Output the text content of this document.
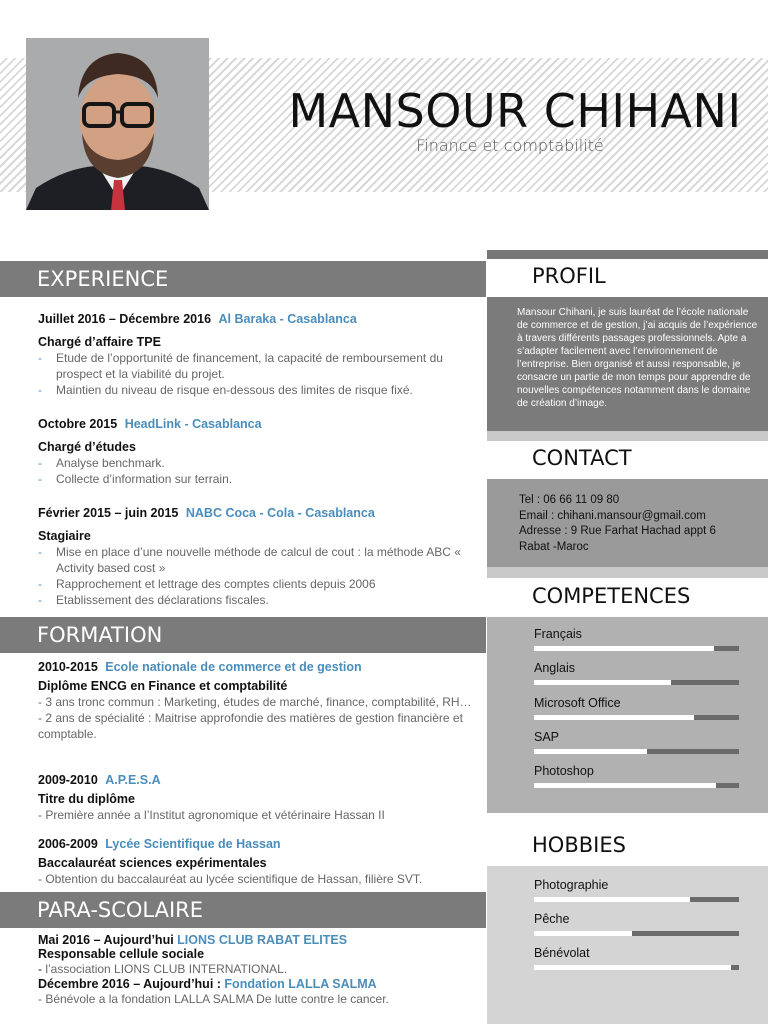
MANSOUR CHIHANI
Finance et comptabilité
PROFIL
Mansour Chihani, je suis lauréat de l’école nationale de commerce et de gestion, j’ai acquis de l’expérience à travers différents passages professionnels. Apte a s’adapter facilement avec l’environnement de l’entreprise. Bien organisé et aussi responsable, je consacre un partie de mon temps pour apprendre de nouvelles compétences notamment dans le domaine de création d’image.
CONTACT
Tel : 06 66 11 09 80
Email : chihani.mansour@gmail.com
Adresse : 9 Rue Farhat Hachad appt 6
Rabat -Maroc
COMPETENCES
Français
Anglais
Microsoft Office
SAP
Photoshop
HOBBIES
Photographie
Pêche
Bénévolat
EXPERIENCE
Juillet 2016 – Décembre 2016 Al Baraka - Casablanca
Chargé d’affaire TPE
- Etude de l’opportunité de financement, la capacité de remboursement du prospect et la viabilité du projet.
- Maintien du niveau de risque en-dessous des limites de risque fixé.
Octobre 2015 HeadLink - Casablanca
Chargé d’études
- Analyse benchmark.
- Collecte d’information sur terrain.
Février 2015 – juin 2015 NABC Coca - Cola - Casablanca
Stagiaire
- Mise en place d’une nouvelle méthode de calcul de cout : la méthode ABC « Activity based cost »
- Rapprochement et lettrage des comptes clients depuis 2006
- Etablissement des déclarations fiscales.
FORMATION
2010-2015 Ecole nationale de commerce et de gestion
Diplôme ENCG en Finance et comptabilité
- 3 ans tronc commun : Marketing, études de marché, finance, comptabilité, RH…
- 2 ans de spécialité : Maitrise approfondie des matières de gestion financière et comptable.
2009-2010 A.P.E.S.A
Titre du diplôme
- Première année a l’Institut agronomique et vétérinaire Hassan II
2006-2009 Lycée Scientifique de Hassan
Baccalauréat sciences expérimentales
- Obtention du baccalauréat au lycée scientifique de Hassan, filière SVT.
PARA-SCOLAIRE
Mai 2016 – Aujourd’hui LIONS CLUB RABAT ELITES
Responsable cellule sociale
- l’association LIONS CLUB INTERNATIONAL.
Décembre 2016 – Aujourd’hui : Fondation LALLA SALMA
- Bénévole a la fondation LALLA SALMA De lutte contre le cancer.
